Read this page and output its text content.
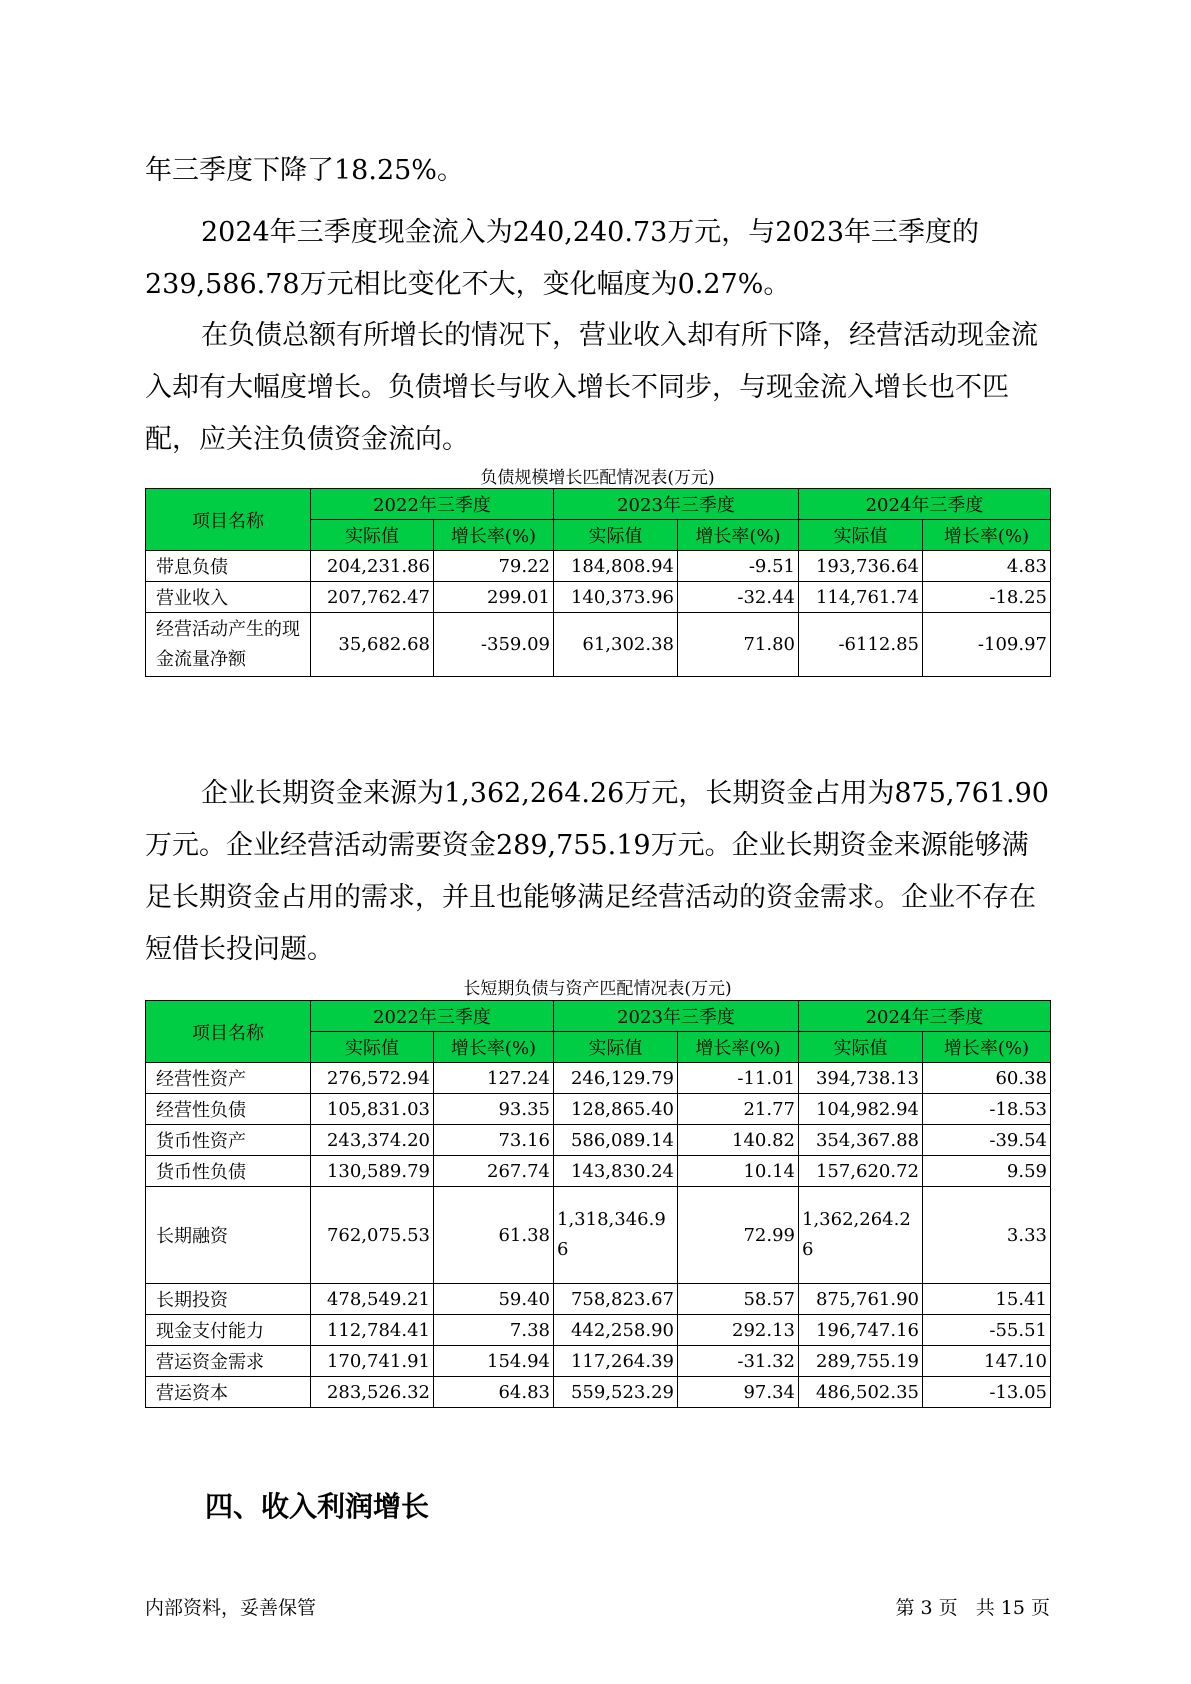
年三季度下降了18.25%。

2024年三季度现金流入为240,240.73万元，与2023年三季度的239,586.78万元相比变化不大，变化幅度为0.27%。

在负债总额有所增长的情况下，营业收入却有所下降，经营活动现金流入却有大幅度增长。负债增长与收入增长不同步，与现金流入增长也不匹配，应关注负债资金流向。

负债规模增长匹配情况表(万元)
项目名称	2022年三季度		2023年三季度		2024年三季度	
	实际值	增长率(%)	实际值	增长率(%)	实际值	增长率(%)
带息负债	204,231.86	79.22	184,808.94	-9.51	193,736.64	4.83
营业收入	207,762.47	299.01	140,373.96	-32.44	114,761.74	-18.25
经营活动产生的现金流量净额	35,682.68	-359.09	61,302.38	71.80	-6112.85	-109.97

企业长期资金来源为1,362,264.26万元，长期资金占用为875,761.90万元。企业经营活动需要资金289,755.19万元。企业长期资金来源能够满足长期资金占用的需求，并且也能够满足经营活动的资金需求。企业不存在短借长投问题。

长短期负债与资产匹配情况表(万元)
项目名称	2022年三季度		2023年三季度		2024年三季度	
	实际值	增长率(%)	实际值	增长率(%)	实际值	增长率(%)
经营性资产	276,572.94	127.24	246,129.79	-11.01	394,738.13	60.38
经营性负债	105,831.03	93.35	128,865.40	21.77	104,982.94	-18.53
货币性资产	243,374.20	73.16	586,089.14	140.82	354,367.88	-39.54
货币性负债	130,589.79	267.74	143,830.24	10.14	157,620.72	9.59
长期融资	762,075.53	61.38	1,318,346.96	72.99	1,362,264.26	3.33
长期投资	478,549.21	59.40	758,823.67	58.57	875,761.90	15.41
现金支付能力	112,784.41	7.38	442,258.90	292.13	196,747.16	-55.51
营运资金需求	170,741.91	154.94	117,264.39	-31.32	289,755.19	147.10
营运资本	283,526.32	64.83	559,523.29	97.34	486,502.35	-13.05
四、收入利润增长
内部资料，妥善保管	第 3 页   共 15 页
